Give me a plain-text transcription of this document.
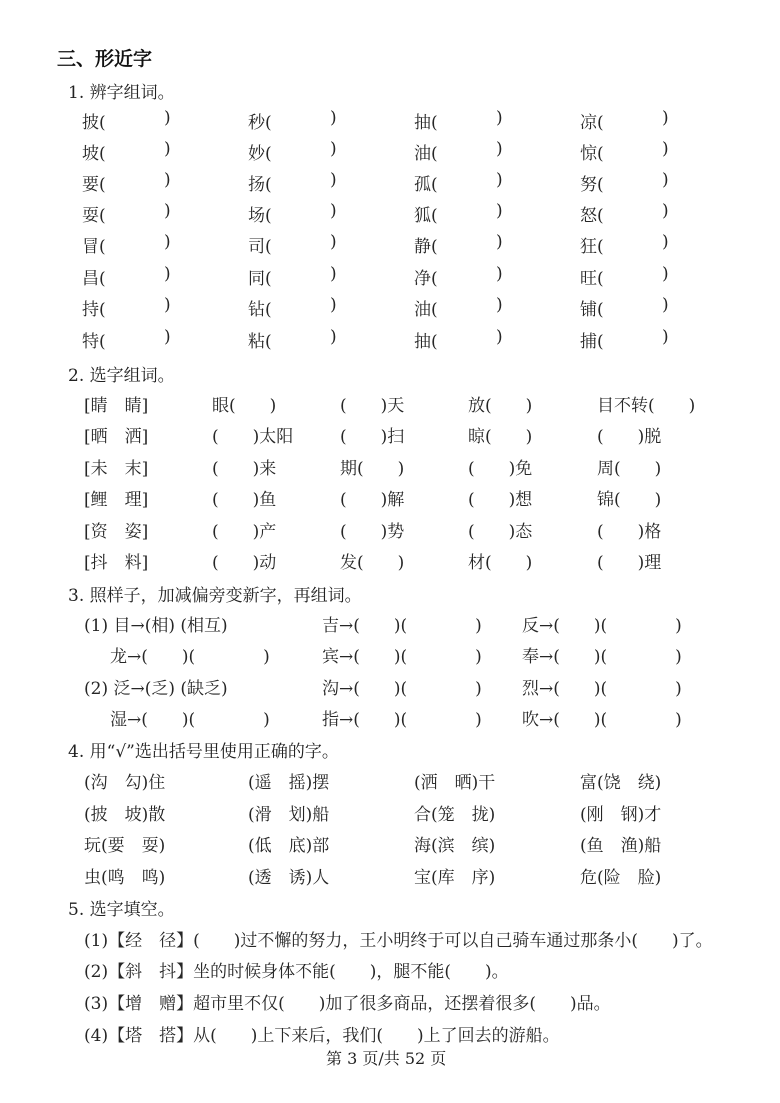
三、形近字
1. 辨字组词。
披(	)	秒(	)	抽(	)	凉(	)
坡(	)	妙(	)	油(	)	惊(	)
要(	)	扬(	)	孤(	)	努(	)
耍(	)	场(	)	狐(	)	怒(	)
冒(	)	司(	)	静(	)	狂(	)
昌(	)	同(	)	净(	)	旺(	)
持(	)	钻(	)	油(	)	铺(	)
特(	)	粘(	)	抽(	)	捕(	)
2. 选字组词。
[睛　睛]	眼(　　)	(　　)天	放(　　)	目不转(　　)
[晒　洒]	(　　)太阳	(　　)扫	晾(　　)	(　　)脱
[未　末]	(　　)来	期(　　)	(　　)免	周(　　)
[鲤　理]	(　　)鱼	(　　)解	(　　)想	锦(　　)
[资　姿]	(　　)产	(　　)势	(　　)态	(　　)格
[抖　料]	(　　)动	发(　　)	材(　　)	(　　)理
3. 照样子，加减偏旁变新字，再组词。
(1) 目→(相) (相互)	吉→(　　)(　　　　) 反→(　　)(　　　　)
龙→(　　)(　　　　)	宾→(　　)(　　　　) 奉→(　　)(　　　　)
(2) 泛→(乏) (缺乏)	沟→(　　)(　　　　) 烈→(　　)(　　　　)
湿→(　　)(　　　　)	指→(　　)(　　　　) 吹→(　　)(　　　　)
4. 用“√”选出括号里使用正确的字。
(沟　勾)住	(遥　摇)摆	(洒　晒)干	富(饶　绕)
(披　坡)散	(滑　划)船	合(笼　拢)	(刚　钢)才
玩(要　耍)	(低　底)部	海(滨　缤)	(鱼　渔)船
虫(鸣　鸣)	(透　诱)人	宝(库　序)	危(险　脸)
5. 选字填空。
(1)【经　径】(　　)过不懈的努力，王小明终于可以自己骑车通过那条小(　　)了。
(2)【斜　抖】坐的时候身体不能(　　)，腿不能(　　)。
(3)【增　赠】超市里不仅(　　)加了很多商品，还摆着很多(　　)品。
(4)【塔　搭】从(　　)上下来后，我们(　　)上了回去的游船。
第 3 页/共 52 页
